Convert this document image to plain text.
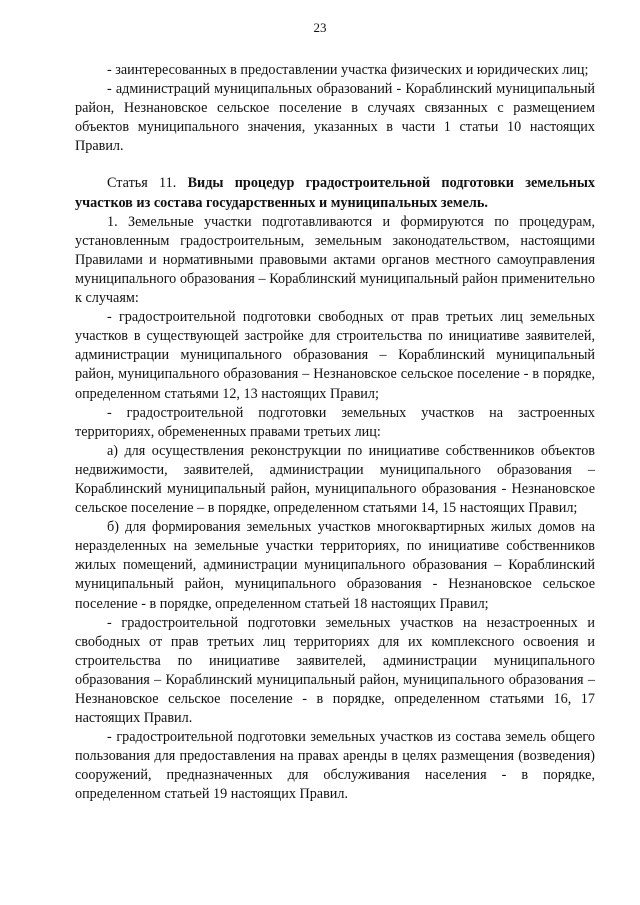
23

- заинтересованных в предоставлении участка физических и юридических лиц;

- администраций муниципальных образований - Кораблинский муниципальный район, Незнановское сельское поселение в случаях связанных с размещением объектов муниципального значения, указанных в части 1 статьи 10 настоящих Правил.

Статья 11. Виды процедур градостроительной подготовки земельных участков из состава государственных и муниципальных земель.

1. Земельные участки подготавливаются и формируются по процедурам, установленным градостроительным, земельным законодательством, настоящими Правилами и нормативными правовыми актами органов местного самоуправления муниципального образования – Кораблинский муниципальный район применительно к случаям:

- градостроительной подготовки свободных от прав третьих лиц земельных участков в существующей застройке для строительства по инициативе заявителей, администрации муниципального образования – Кораблинский муниципальный район, муниципального образования – Незнановское сельское поселение - в порядке, определенном статьями 12, 13 настоящих Правил;

- градостроительной подготовки земельных участков на застроенных территориях, обремененных правами третьих лиц:

а) для осуществления реконструкции по инициативе собственников объектов недвижимости, заявителей, администрации муниципального образования – Кораблинский муниципальный район, муниципального образования - Незнановское сельское поселение – в порядке, определенном статьями 14, 15 настоящих Правил;

б) для формирования земельных участков многоквартирных жилых домов на неразделенных на земельные участки территориях, по инициативе собственников жилых помещений, администрации муниципального образования – Кораблинский муниципальный район, муниципального образования - Незнановское сельское поселение - в порядке, определенном статьей 18 настоящих Правил;

- градостроительной подготовки земельных участков на незастроенных и свободных от прав третьих лиц территориях для их комплексного освоения и строительства по инициативе заявителей, администрации муниципального образования – Кораблинский муниципальный район, муниципального образования – Незнановское сельское поселение - в порядке, определенном статьями 16, 17 настоящих Правил.

- градостроительной подготовки земельных участков из состава земель общего пользования для предоставления на правах аренды в целях размещения (возведения) сооружений, предназначенных для обслуживания населения - в порядке, определенном статьей 19 настоящих Правил.
